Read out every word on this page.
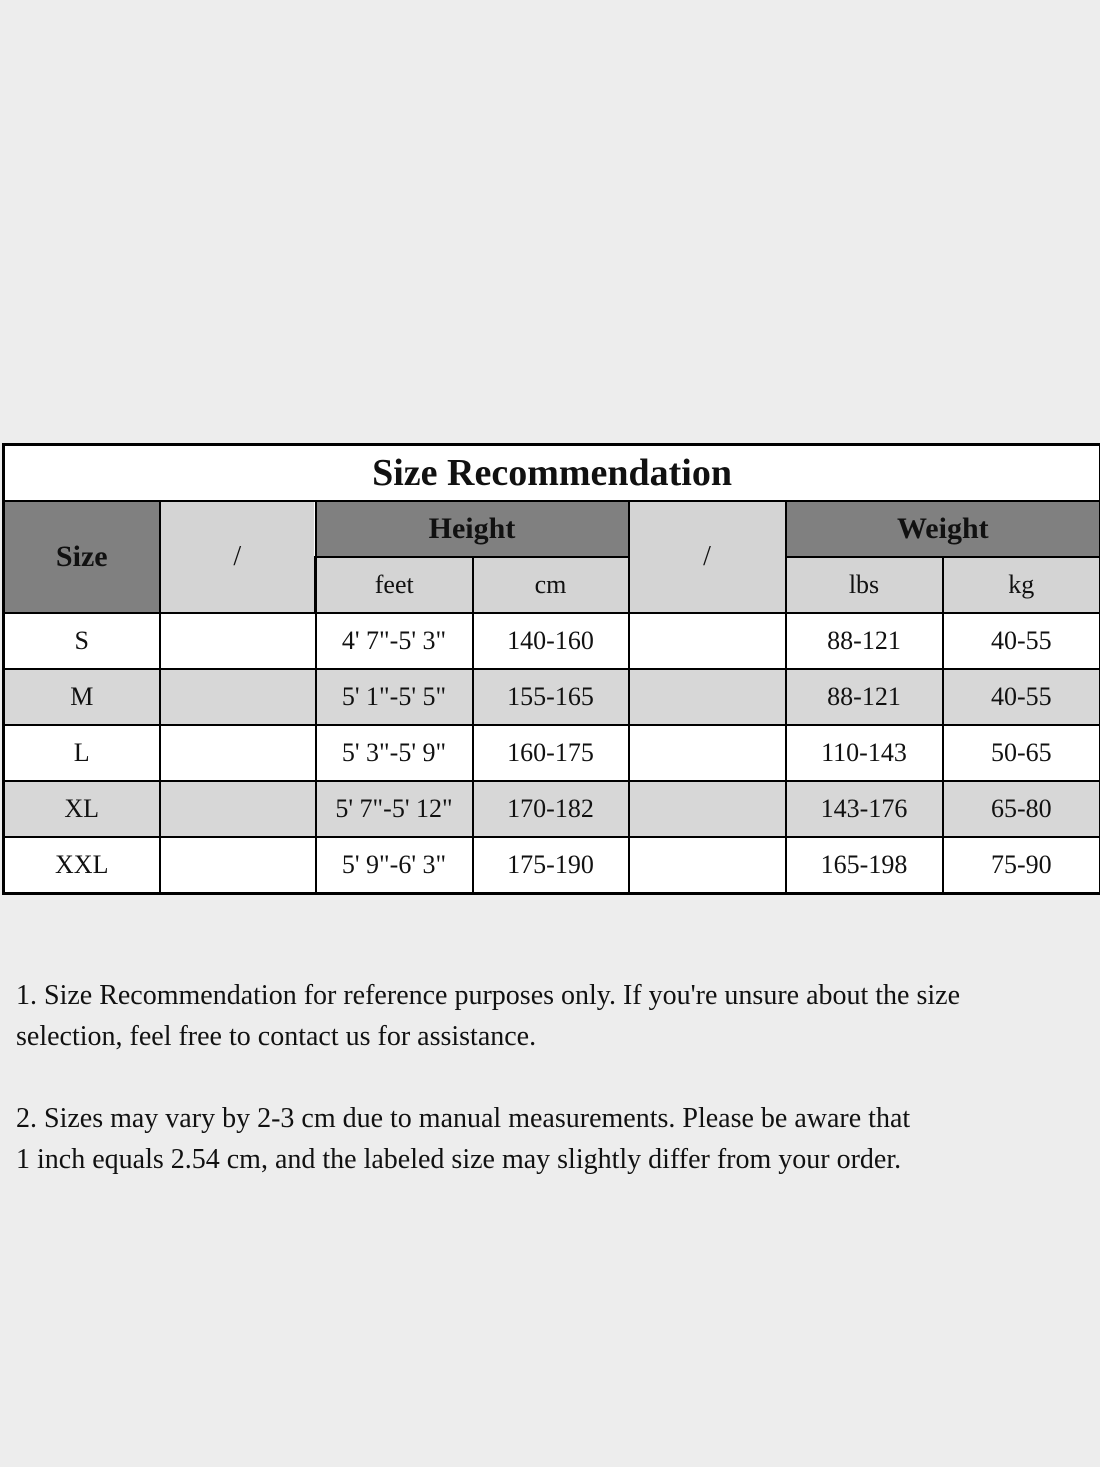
Size Recommendation						
Size	/	Height		/	Weight	
		feet	cm		lbs	kg
S		4' 7"-5' 3"	140-160		88-121	40-55
M		5' 1"-5' 5"	155-165		88-121	40-55
L		5' 3"-5' 9"	160-175		110-143	50-65
XL		5' 7"-5' 12"	170-182		143-176	65-80
XXL		5' 9"-6' 3"	175-190		165-198	75-90

1. Size Recommendation for reference purposes only. If you're unsure about the size
selection, feel free to contact us for assistance.

2. Sizes may vary by 2-3 cm due to manual measurements. Please be aware that
1 inch equals 2.54 cm, and the labeled size may slightly differ from your order.
